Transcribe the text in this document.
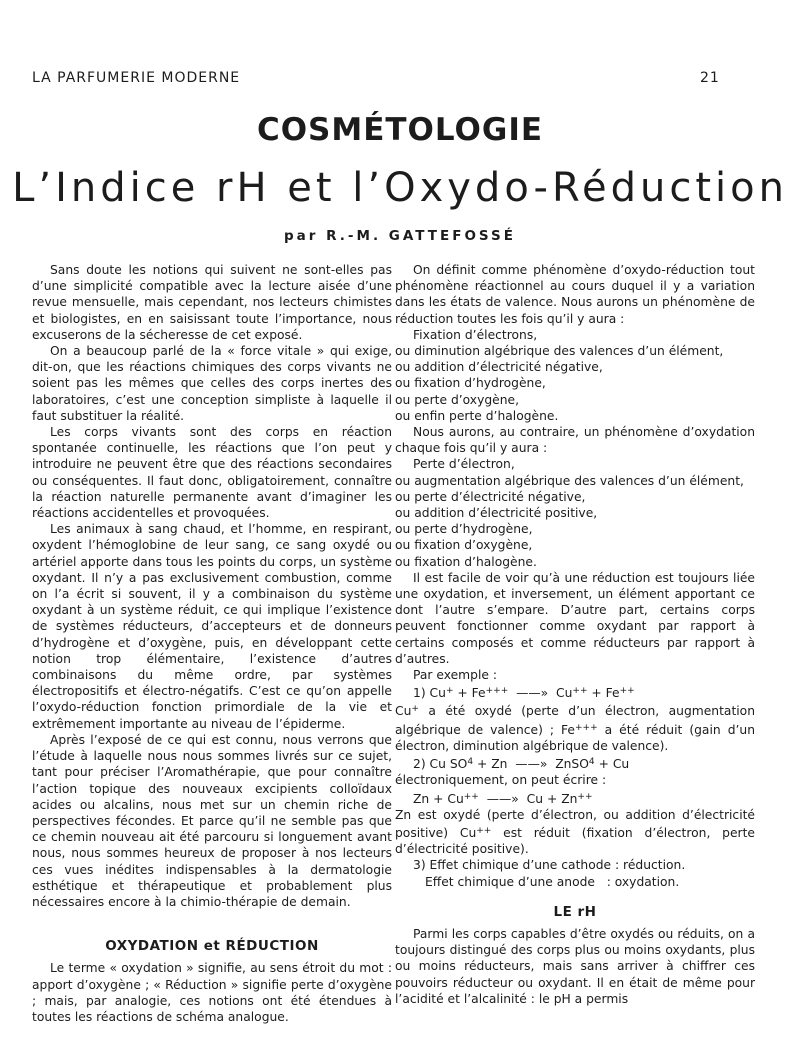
LA PARFUMERIE MODERNE	21
COSMÉTOLOGIE
L’Indice rH et l’Oxydo-Réduction
par R.-M. GATTEFOSSÉ

Sans doute les notions qui suivent ne sont-elles pas d’une simplicité compatible avec la lecture aisée d’une revue mensuelle, mais cependant, nos lecteurs chimistes et biologistes, en en saisissant toute l’importance, nous excuserons de la sécheresse de cet exposé.

On a beaucoup parlé de la « force vitale » qui exige, dit-on, que les réactions chimiques des corps vivants ne soient pas les mêmes que celles des corps inertes des laboratoires, c’est une conception simpliste à laquelle il faut substituer la réalité.

Les corps vivants sont des corps en réaction spontanée continuelle, les réactions que l’on peut y introduire ne peuvent être que des réactions secondaires ou conséquentes. Il faut donc, obligatoirement, connaître la réaction naturelle permanente avant d’imaginer les réactions accidentelles et provoquées.

Les animaux à sang chaud, et l’homme, en respirant, oxydent l’hémoglobine de leur sang, ce sang oxydé ou artériel apporte dans tous les points du corps, un système oxydant. Il n’y a pas exclusivement combustion, comme on l’a écrit si souvent, il y a combinaison du système oxydant à un système réduit, ce qui implique l’existence de systèmes réducteurs, d’accepteurs et de donneurs d’hydrogène et d’oxygène, puis, en développant cette notion trop élémentaire, l’existence d’autres combinaisons du même ordre, par systèmes électropositifs et électro-négatifs. C’est ce qu’on appelle l’oxydo-réduction fonction primordiale de la vie et extrêmement importante au niveau de l’épiderme.

Après l’exposé de ce qui est connu, nous verrons que l’étude à laquelle nous nous sommes livrés sur ce sujet, tant pour préciser l’Aromathérapie, que pour connaître l’action topique des nouveaux excipients colloïdaux acides ou alcalins, nous met sur un chemin riche de perspectives fécondes. Et parce qu’il ne semble pas que ce chemin nouveau ait été parcouru si longuement avant nous, nous sommes heureux de proposer à nos lecteurs ces vues inédites indispensables à la dermatologie esthétique et thérapeutique et probablement plus nécessaires encore à la chimio-thérapie de demain.

OXYDATION et RÉDUCTION

Le terme « oxydation » signifie, au sens étroit du mot : apport d’oxygène ; « Réduction » signifie perte d’oxygène ; mais, par analogie, ces notions ont été étendues à toutes les réactions de schéma analogue.

On définit comme phénomène d’oxydo-réduction tout phénomène réactionnel au cours duquel il y a variation dans les états de valence. Nous aurons un phénomène de réduction toutes les fois qu’il y aura :

Fixation d’électrons,
ou diminution algébrique des valences d’un élément,
ou addition d’électricité négative,
ou fixation d’hydrogène,
ou perte d’oxygène,
ou enfin perte d’halogène.

Nous aurons, au contraire, un phénomène d’oxydation chaque fois qu’il y aura :

Perte d’électron,
ou augmentation algébrique des valences d’un élément,
ou perte d’électricité négative,
ou addition d’électricité positive,
ou perte d’hydrogène,
ou fixation d’oxygène,
ou fixation d’halogène.

Il est facile de voir qu’à une réduction est toujours liée une oxydation, et inversement, un élément apportant ce dont l’autre s’empare. D’autre part, certains corps peuvent fonctionner comme oxydant par rapport à certains composés et comme réducteurs par rapport à d’autres.

Par exemple :
1) Cu+ + Fe+++ ——» Cu++ + Fe++

Cu+ a été oxydé (perte d’un électron, augmentation algébrique de valence) ; Fe+++ a été réduit (gain d’un électron, diminution algébrique de valence).

2) Cu $SO^4 + Zn$ ——» ZnSO$^4$ + Cu
électroniquement, on peut écrire :
Zn + Cu++ ——» Cu + Zn++

Zn est oxydé (perte d’électron, ou addition d’électricité positive) Cu++ est réduit (fixation d’électron, perte d’électricité positive).

3) Effet chimique d’une cathode : réduction.
Effet chimique d’une anode   : oxydation.
LE rH

Parmi les corps capables d’être oxydés ou réduits, on a toujours distingué des corps plus ou moins oxydants, plus ou moins réducteurs, mais sans arriver à chiffrer ces pouvoirs réducteur ou oxydant. Il en était de même pour l’acidité et l’alcalinité : le pH a permis
